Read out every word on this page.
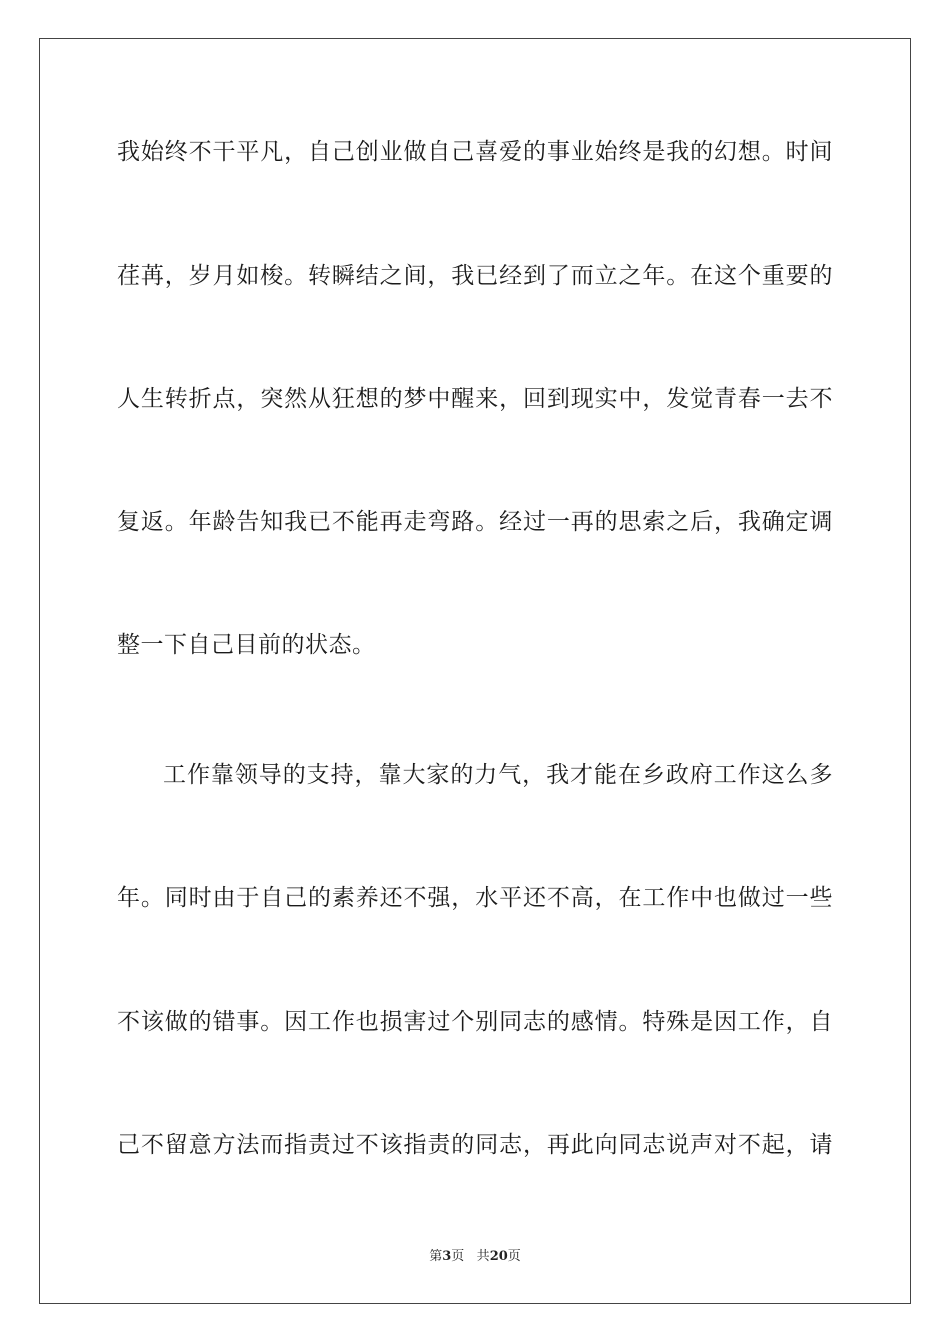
我始终不干平凡，自己创业做自己喜爱的事业始终是我的幻想。时间
荏苒，岁月如梭。转瞬结之间，我已经到了而立之年。在这个重要的
人生转折点，突然从狂想的梦中醒来，回到现实中，发觉青春一去不
复返。年龄告知我已不能再走弯路。经过一再的思索之后，我确定调
整一下自己目前的状态。
工作靠领导的支持，靠大家的力气，我才能在乡政府工作这么多
年。同时由于自己的素养还不强，水平还不高，在工作中也做过一些
不该做的错事。因工作也损害过个别同志的感情。特殊是因工作，自
己不留意方法而指责过不该指责的同志，再此向同志说声对不起，请
第3页 共20页
